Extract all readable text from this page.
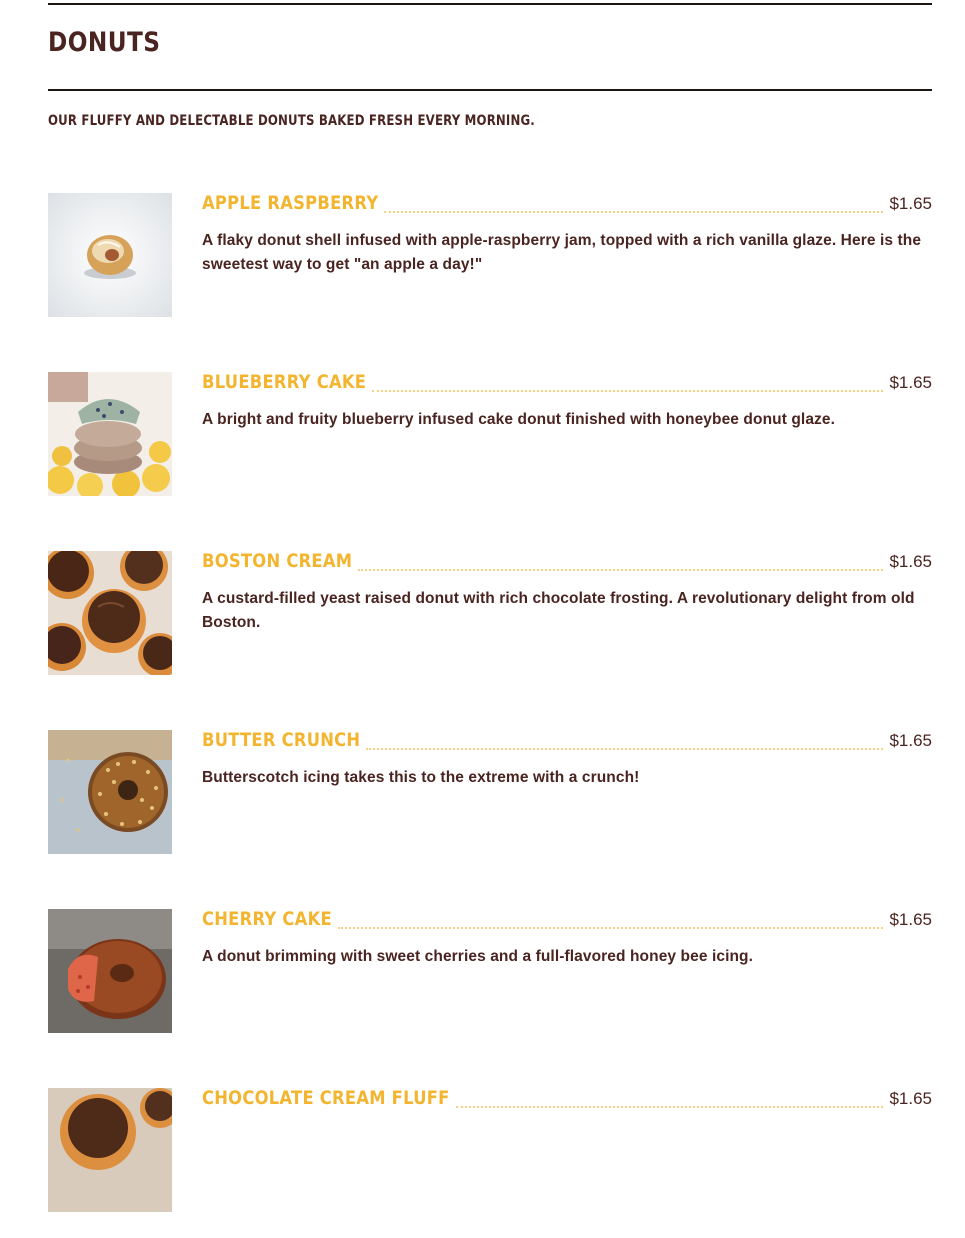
DONUTS

OUR FLUFFY AND DELECTABLE DONUTS BAKED FRESH EVERY MORNING.

APPLE RASPBERRY	$1.65

A flaky donut shell infused with apple-raspberry jam, topped with a rich vanilla glaze. Here is the sweetest way to get "an apple a day!"

BLUEBERRY CAKE	$1.65

A bright and fruity blueberry infused cake donut finished with honeybee donut glaze.

BOSTON CREAM	$1.65

A custard-filled yeast raised donut with rich chocolate frosting. A revolutionary delight from old Boston.

BUTTER CRUNCH	$1.65

Butterscotch icing takes this to the extreme with a crunch!

CHERRY CAKE	$1.65

A donut brimming with sweet cherries and a full-flavored honey bee icing.

CHOCOLATE CREAM FLUFF	$1.65
